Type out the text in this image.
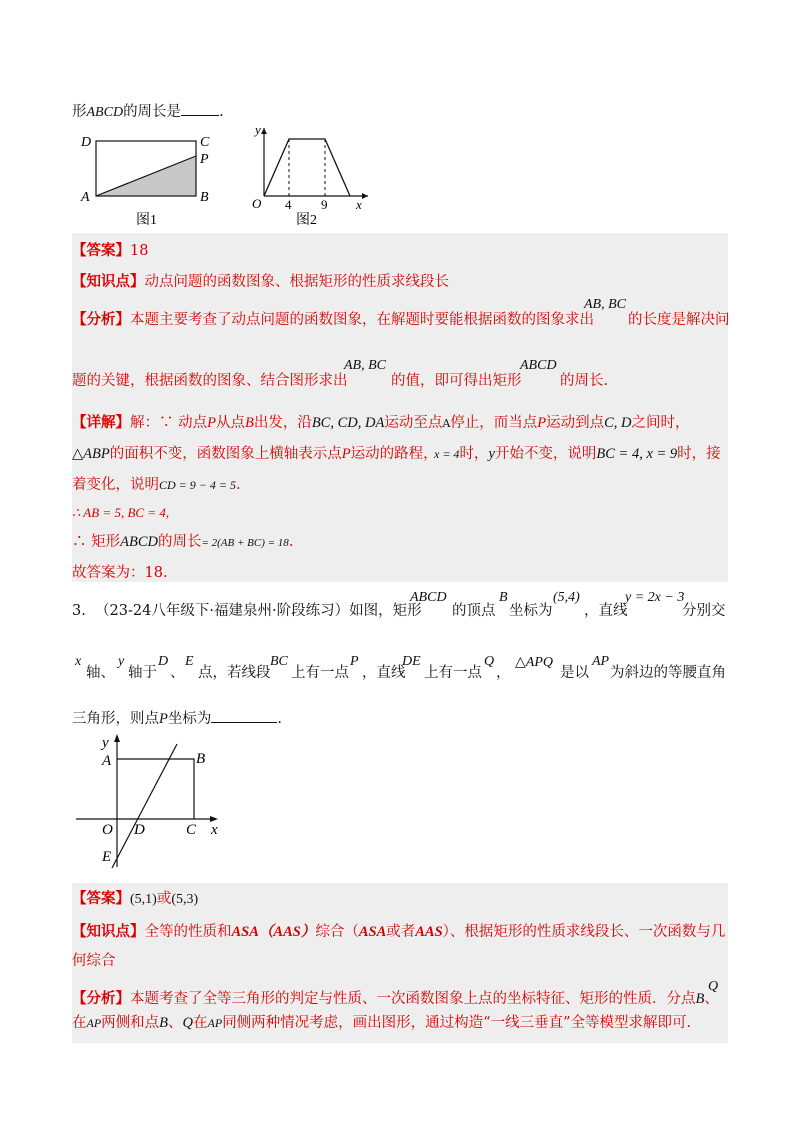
形ABCD的周长是	.
D	C
P
A	B
图1
y
O 4 9 x
图2
【答案】18
【知识点】动点问题的函数图象、根据矩形的性质求线段长
【分析】本题主要考查了动点问题的函数图象，在解题时要能根据函数的图象求出
AB, BC
的长度是解决问
题的关键，根据函数的图象、结合图形求出
AB, BC
的值，即可得出矩形
ABCD
的周长.
【详解】解：∵ 动点P从点B出发，沿BC, CD, DA运动至点A停止，而当点P运动到点C, D之间时，
△ABP的面积不变，函数图象上横轴表示点P运动的路程，
x = 4时，y开始不变，说明BC = 4, x = 9时，接
着变化，说明CD = 9 − 4 = 5.
∴ AB = 5, BC = 4,
∴ 矩形ABCD的周长= 2(AB + BC) = 18.
故答案为：18.
3. （23-24八年级下·福建泉州·阶段练习）如图，矩形
ABCD
的顶点
B
坐标为
(5,4)
，直线
y = 2x − 3
分别交
x
轴、
y
轴于
D
、
E
点，若线段
BC
上有一点
P
，直线
DE
上有一点
Q
，
△APQ
是以
AP
为斜边的等腰直角
三角形，则点P坐标为	.
y
A	B
O D	C x
E
【答案】(5,1)或(5,3)
【知识点】全等的性质和ASA（AAS）综合（ASA或者AAS）、根据矩形的性质求线段长、一次函数与几
何综合
【分析】本题考查了全等三角形的判定与性质、一次函数图象上点的坐标特征、矩形的性质．分点B、
Q
在AP两侧和点B、Q在AP同侧两种情况考虑，画出图形，通过构造“一线三垂直”全等模型求解即可.
